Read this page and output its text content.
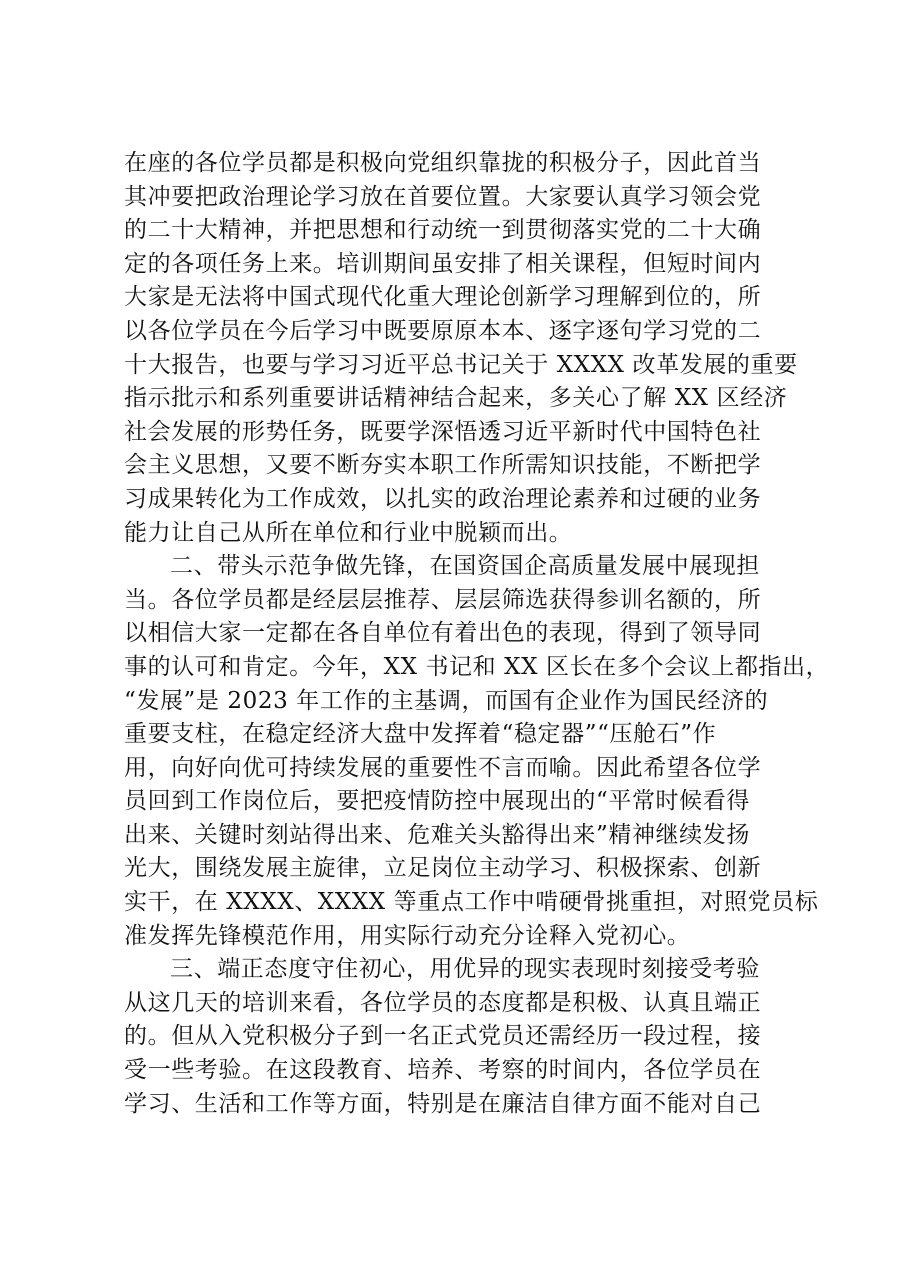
在座的各位学员都是积极向党组织靠拢的积极分子，因此首当
其冲要把政治理论学习放在首要位置。大家要认真学习领会党
的二十大精神，并把思想和行动统一到贯彻落实党的二十大确
定的各项任务上来。培训期间虽安排了相关课程，但短时间内
大家是无法将中国式现代化重大理论创新学习理解到位的，所
以各位学员在今后学习中既要原原本本、逐字逐句学习党的二
十大报告，也要与学习习近平总书记关于 XXXX 改革发展的重要
指示批示和系列重要讲话精神结合起来，多关心了解 XX 区经济
社会发展的形势任务，既要学深悟透习近平新时代中国特色社
会主义思想，又要不断夯实本职工作所需知识技能，不断把学
习成果转化为工作成效，以扎实的政治理论素养和过硬的业务
能力让自己从所在单位和行业中脱颖而出。
二、带头示范争做先锋，在国资国企高质量发展中展现担
当。各位学员都是经层层推荐、层层筛选获得参训名额的，所
以相信大家一定都在各自单位有着出色的表现，得到了领导同
事的认可和肯定。今年，XX 书记和 XX 区长在多个会议上都指出，
“发展”是 2023 年工作的主基调，而国有企业作为国民经济的
重要支柱，在稳定经济大盘中发挥着“稳定器”“压舱石”作
用，向好向优可持续发展的重要性不言而喻。因此希望各位学
员回到工作岗位后，要把疫情防控中展现出的“平常时候看得
出来、关键时刻站得出来、危难关头豁得出来”精神继续发扬
光大，围绕发展主旋律，立足岗位主动学习、积极探索、创新
实干，在 XXXX、XXXX 等重点工作中啃硬骨挑重担，对照党员标
准发挥先锋模范作用，用实际行动充分诠释入党初心。
三、端正态度守住初心，用优异的现实表现时刻接受考验
从这几天的培训来看，各位学员的态度都是积极、认真且端正
的。但从入党积极分子到一名正式党员还需经历一段过程，接
受一些考验。在这段教育、培养、考察的时间内，各位学员在
学习、生活和工作等方面，特别是在廉洁自律方面不能对自己
